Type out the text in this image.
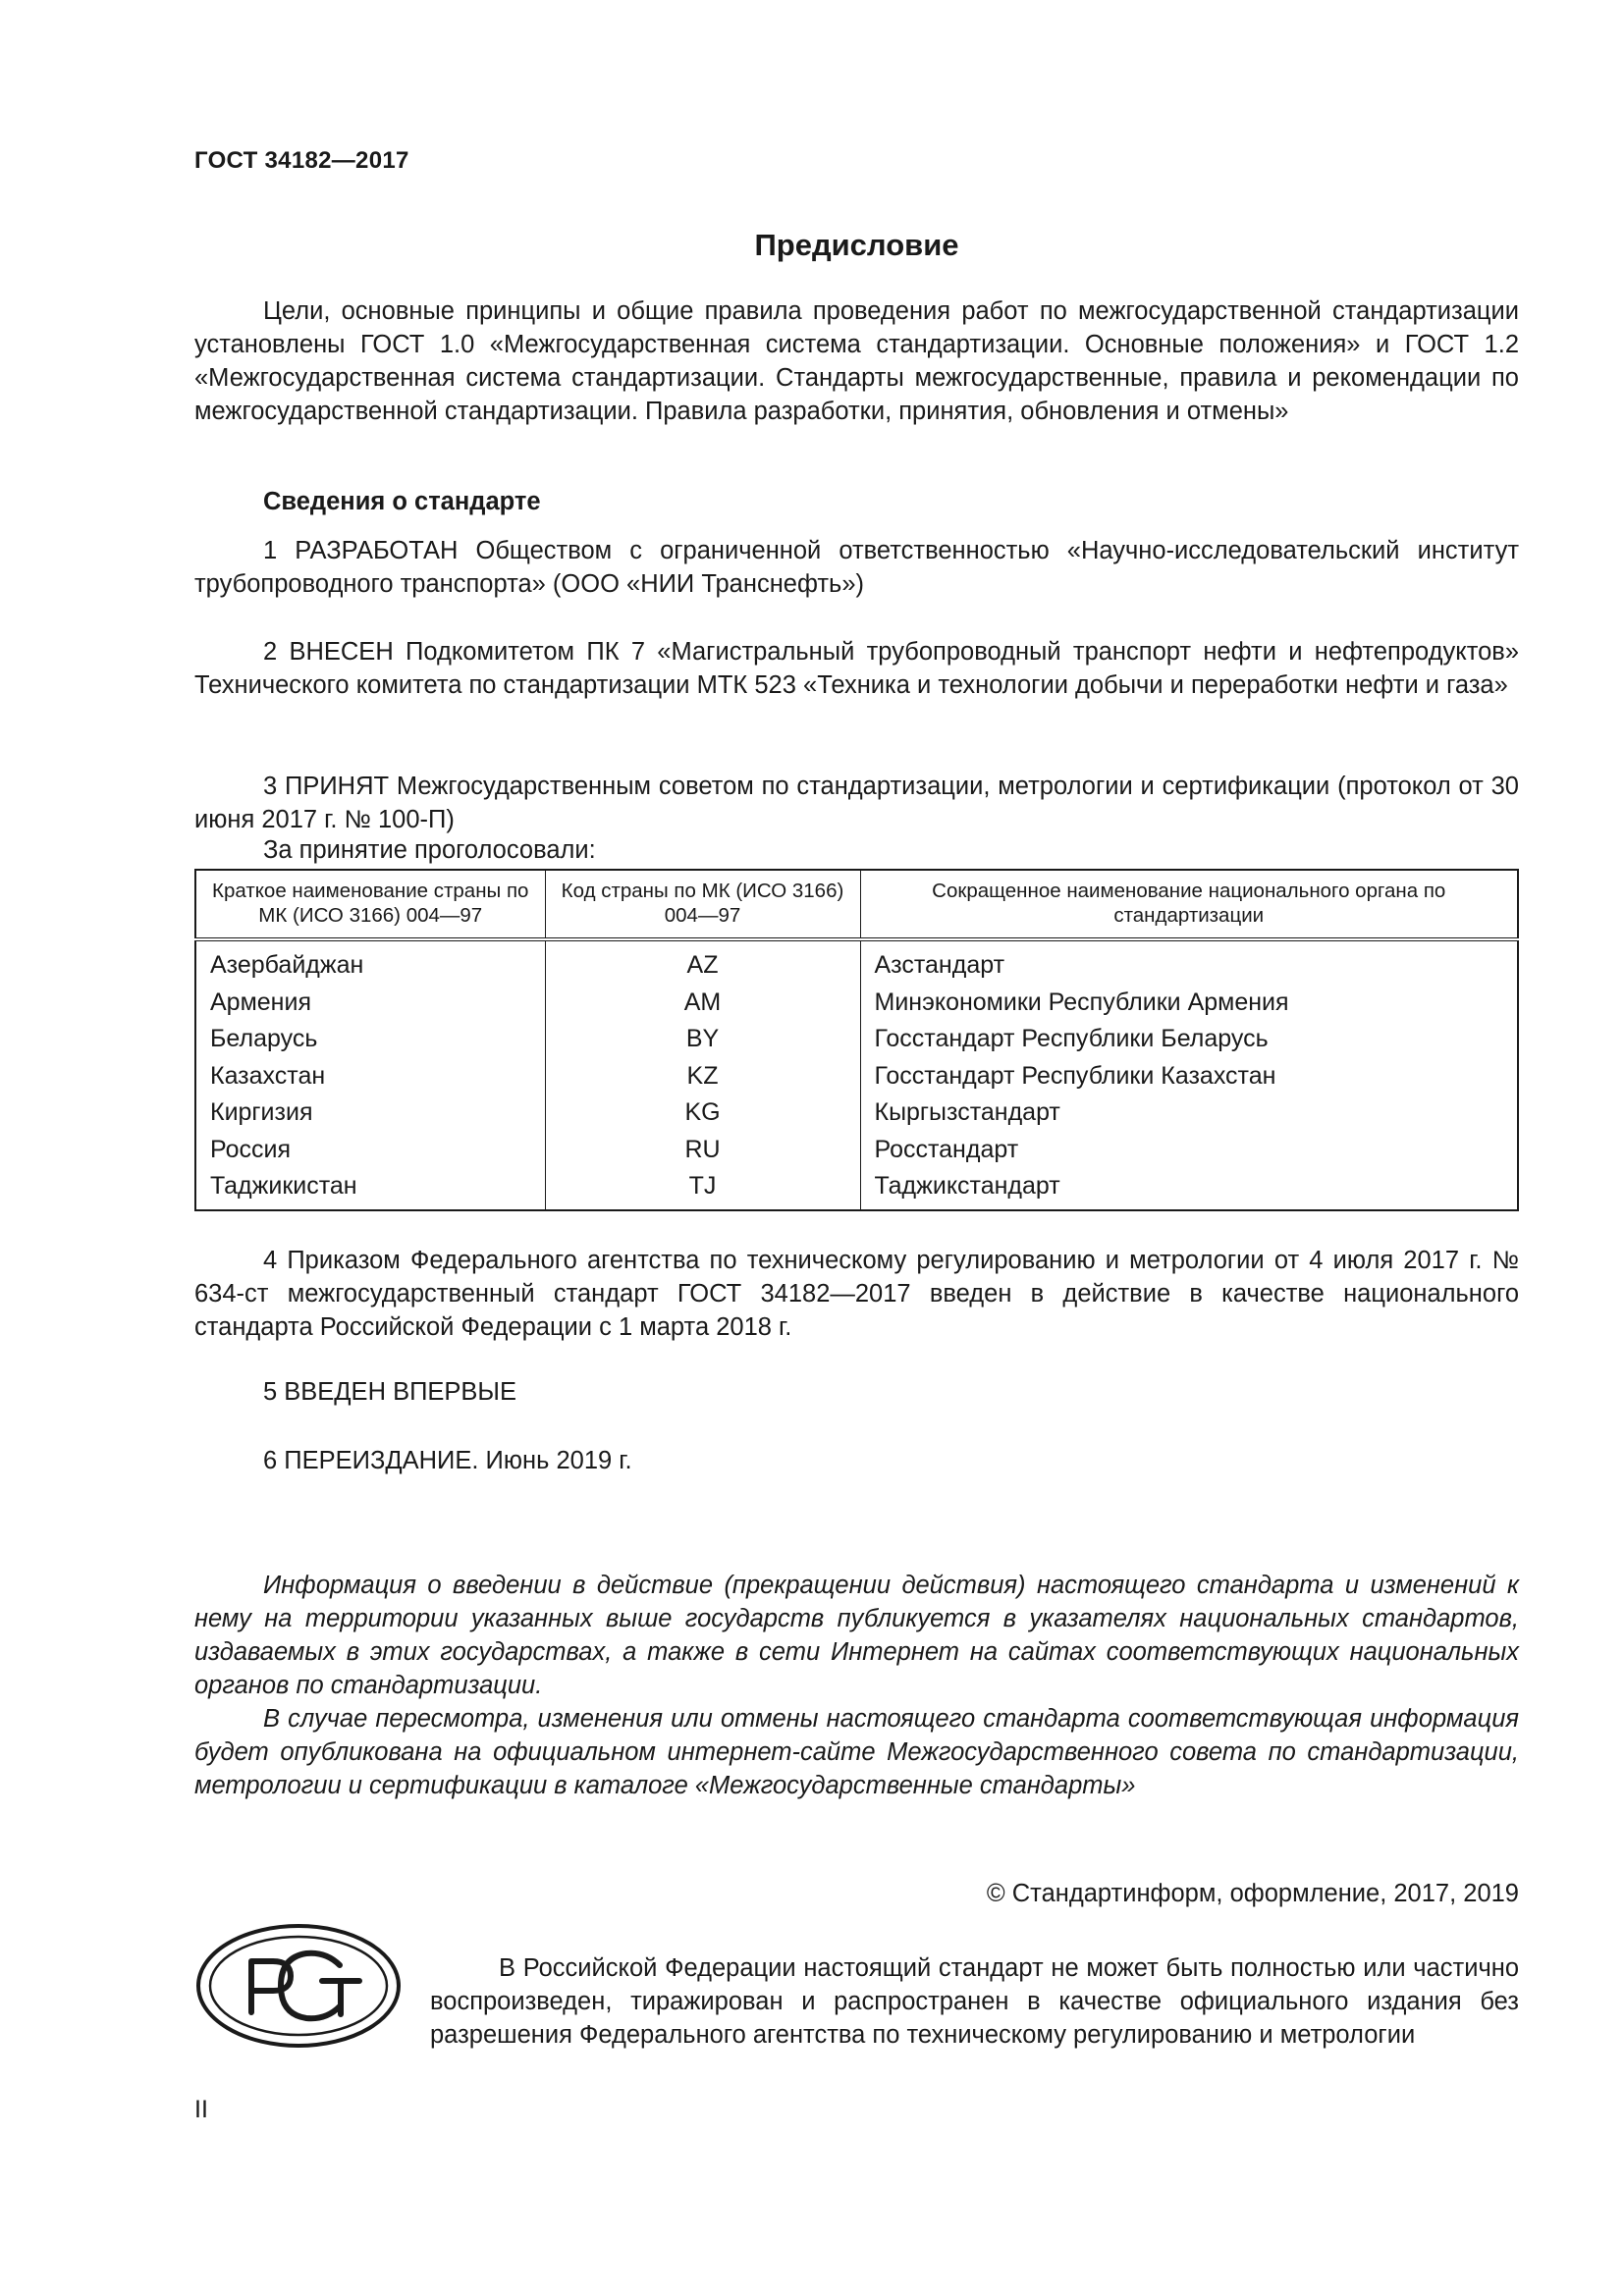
ГОСТ 34182—2017
Предисловие

Цели, основные принципы и общие правила проведения работ по межгосударственной стандартизации установлены ГОСТ 1.0 «Межгосударственная система стандартизации. Основные положения» и ГОСТ 1.2 «Межгосударственная система стандартизации. Стандарты межгосударственные, правила и рекомендации по межгосударственной стандартизации. Правила разработки, принятия, обновления и отмены»

Сведения о стандарте

1 РАЗРАБОТАН Обществом с ограниченной ответственностью «Научно-исследовательский институт трубопроводного транспорта» (ООО «НИИ Транснефть»)

2 ВНЕСЕН Подкомитетом ПК 7 «Магистральный трубопроводный транспорт нефти и нефтепродуктов» Технического комитета по стандартизации МТК 523 «Техника и технологии добычи и переработки нефти и газа»

3 ПРИНЯТ Межгосударственным советом по стандартизации, метрологии и сертификации (протокол от 30 июня 2017 г. № 100-П)

За принятие проголосовали:
Краткое наименование страны по МК (ИСО 3166) 004—97	Код страны по МК (ИСО 3166) 004—97	Сокращенное наименование национального органа по стандартизации
Азербайджан	AZ	Азстандарт
Армения	AM	Минэкономики Республики Армения
Беларусь	BY	Госстандарт Республики Беларусь
Казахстан	KZ	Госстандарт Республики Казахстан
Киргизия	KG	Кыргызстандарт
Россия	RU	Росстандарт
Таджикистан	TJ	Таджикстандарт

4 Приказом Федерального агентства по техническому регулированию и метрологии от 4 июля 2017 г. № 634-ст межгосударственный стандарт ГОСТ 34182—2017 введен в действие в качестве национального стандарта Российской Федерации с 1 марта 2018 г.

5 ВВЕДЕН ВПЕРВЫЕ
6 ПЕРЕИЗДАНИЕ. Июнь 2019 г.

Информация о введении в действие (прекращении действия) настоящего стандарта и изменений к нему на территории указанных выше государств публикуется в указателях национальных стандартов, издаваемых в этих государствах, а также в сети Интернет на сайтах соответствующих национальных органов по стандартизации.

В случае пересмотра, изменения или отмены настоящего стандарта соответствующая информация будет опубликована на официальном интернет-сайте Межгосударственного совета по стандартизации, метрологии и сертификации в каталоге «Межгосударственные стандарты»

© Стандартинформ, оформление, 2017, 2019

В Российской Федерации настоящий стандарт не может быть полностью или частично воспроизведен, тиражирован и распространен в качестве официального издания без разрешения Федерального агентства по техническому регулированию и метрологии

II
